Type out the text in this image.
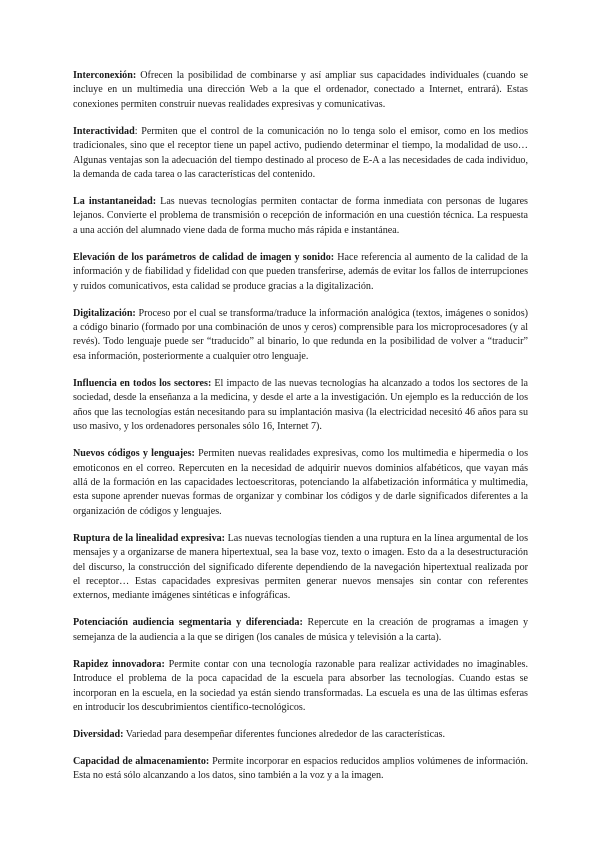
Interconexión: Ofrecen la posibilidad de combinarse y así ampliar sus capacidades individuales (cuando se incluye en un multimedia una dirección Web a la que el ordenador, conectado a Internet, entrará). Estas conexiones permiten construir nuevas realidades expresivas y comunicativas.

Interactividad: Permiten que el control de la comunicación no lo tenga solo el emisor, como en los medios tradicionales, sino que el receptor tiene un papel activo, pudiendo determinar el tiempo, la modalidad de uso… Algunas ventajas son la adecuación del tiempo destinado al proceso de E-A a las necesidades de cada individuo, la demanda de cada tarea o las características del contenido.

La instantaneidad: Las nuevas tecnologías permiten contactar de forma inmediata con personas de lugares lejanos. Convierte el problema de transmisión o recepción de información en una cuestión técnica. La respuesta a una acción del alumnado viene dada de forma mucho más rápida e instantánea.

Elevación de los parámetros de calidad de imagen y sonido: Hace referencia al aumento de la calidad de la información y de fiabilidad y fidelidad con que pueden transferirse, además de evitar los fallos de interrupciones y ruidos comunicativos, esta calidad se produce gracias a la digitalización.

Digitalización: Proceso por el cual se transforma/traduce la información analógica (textos, imágenes o sonidos) a código binario (formado por una combinación de unos y ceros) comprensible para los microprocesadores (y al revés). Todo lenguaje puede ser “traducido” al binario, lo que redunda en la posibilidad de volver a “traducir” esa información, posteriormente a cualquier otro lenguaje.

Influencia en todos los sectores: El impacto de las nuevas tecnologías ha alcanzado a todos los sectores de la sociedad, desde la enseñanza a la medicina, y desde el arte a la investigación. Un ejemplo es la reducción de los años que las tecnologías están necesitando para su implantación masiva (la electricidad necesitó 46 años para su uso masivo, y los ordenadores personales sólo 16, Internet 7).

Nuevos códigos y lenguajes: Permiten nuevas realidades expresivas, como los multimedia e hipermedia o los emoticonos en el correo. Repercuten en la necesidad de adquirir nuevos dominios alfabéticos, que vayan más allá de la formación en las capacidades lectoescritoras, potenciando la alfabetización informática y multimedia, esta supone aprender nuevas formas de organizar y combinar los códigos y de darle significados diferentes a la organización de códigos y lenguajes.

Ruptura de la linealidad expresiva: Las nuevas tecnologías tienden a una ruptura en la línea argumental de los mensajes y a organizarse de manera hipertextual, sea la base voz, texto o imagen. Esto da a la desestructuración del discurso, la construcción del significado diferente dependiendo de la navegación hipertextual realizada por el receptor… Estas capacidades expresivas permiten generar nuevos mensajes sin contar con referentes externos, mediante imágenes sintéticas e infográficas.

Potenciación audiencia segmentaria y diferenciada: Repercute en la creación de programas a imagen y semejanza de la audiencia a la que se dirigen (los canales de música y televisión a la carta).

Rapidez innovadora: Permite contar con una tecnología razonable para realizar actividades no imaginables. Introduce el problema de la poca capacidad de la escuela para absorber las tecnologías. Cuando estas se incorporan en la escuela, en la sociedad ya están siendo transformadas. La escuela es una de las últimas esferas en introducir los descubrimientos científico-tecnológicos.

Diversidad: Variedad para desempeñar diferentes funciones alrededor de las características.

Capacidad de almacenamiento: Permite incorporar en espacios reducidos amplios volúmenes de información. Esta no está sólo alcanzando a los datos, sino también a la voz y a la imagen.
